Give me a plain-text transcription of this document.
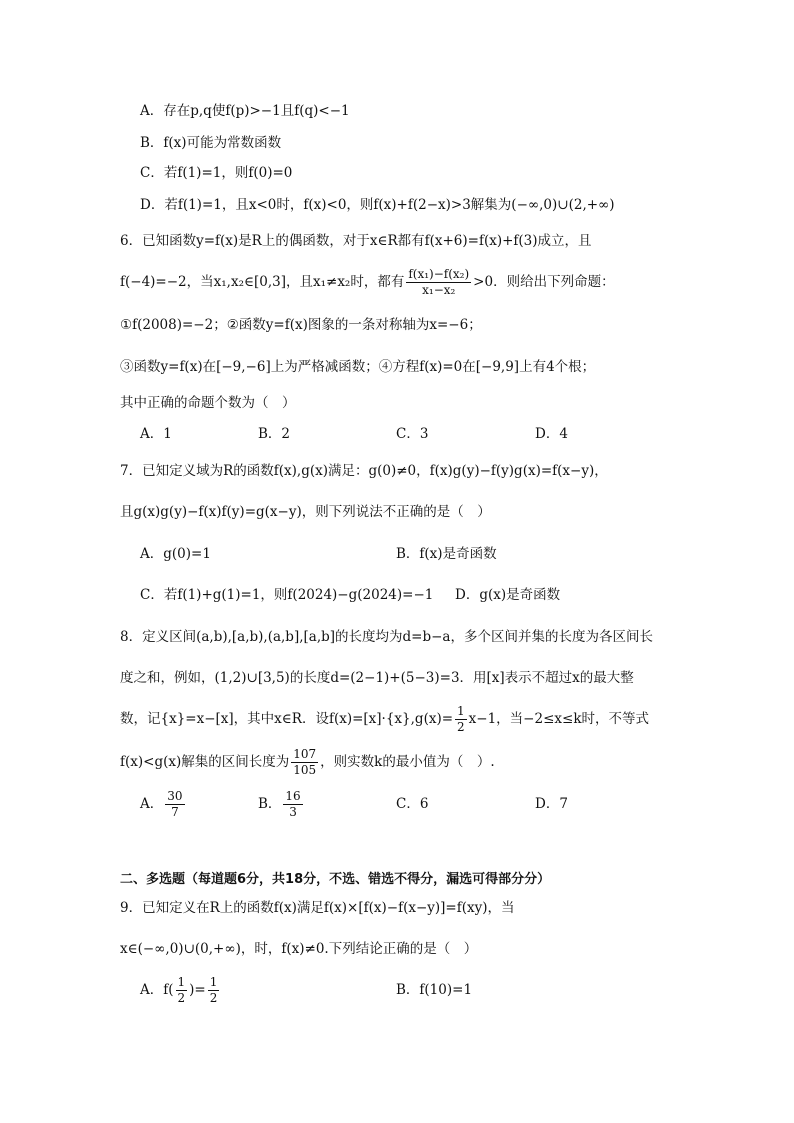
A．存在p,q使f(p)>−1且f(q)<−1
B．f(x)可能为常数函数
C．若f(1)=1，则f(0)=0
D．若f(1)=1，且x<0时，f(x)<0，则f(x)+f(2−x)>3解集为(−∞,0)∪(2,+∞)
6．已知函数y=f(x)是R上的偶函数，对于x∈R都有f(x+6)=f(x)+f(3)成立，且
f(−4)=−2，当x₁,x₂∈[0,3]，且x₁≠x₂时，都有 $\frac{\text{f(x₁)−f(x₂)}}{\text{x₁−x₂}} >0$．则给出下列命题：
①f(2008)=−2；②函数y=f(x)图象的一条对称轴为x=−6；
③函数y=f(x)在[−9,−6]上为严格减函数；④方程f(x)=0在[−9,9]上有4个根；
其中正确的命题个数为（　）
A．1	B．2	C．3	D．4
7．已知定义域为R的函数f(x),g(x)满足：g(0)≠0，f(x)g(y)−f(y)g(x)=f(x−y)，
且g(x)g(y)−f(x)f(y)=g(x−y)，则下列说法不正确的是（　）
A．g(0)=1	B．f(x)是奇函数
C．若f(1)+g(1)=1，则f(2024)−g(2024)=−1 D．g(x)是奇函数
8．定义区间(a,b),[a,b),(a,b],[a,b]的长度均为d=b−a，多个区间并集的长度为各区间长
度之和，例如，(1,2)∪[3,5)的长度d=(2−1)+(5−3)=3．用[x]表示不超过x的最大整
数，记{x}=x−[x]，其中x∈R．设$f(x)=[x]\cdot\{x\},g(x)= \frac{1}{2} x-1$，当−2≤x≤k时，不等式
f(x)<g(x)解集的区间长度为 $\frac{107}{105}$ ，则实数k的最小值为（　）.
A． $\frac{30}{7}$	B． $\frac{16}{3}$	C．6	D．7
二、多选题（每道题6分，共18分，不选、错选不得分，漏选可得部分分）
9．已知定义在R上的函数f(x)满足f(x)×[f(x)−f(x−y)]=f(xy)，当
x∈(−∞,0)∪(0,+∞)，时，f(x)≠0.下列结论正确的是（　）
A．$f( \frac{1}{2}$ )= $\frac{1}{2}$	B．f(10)=1
